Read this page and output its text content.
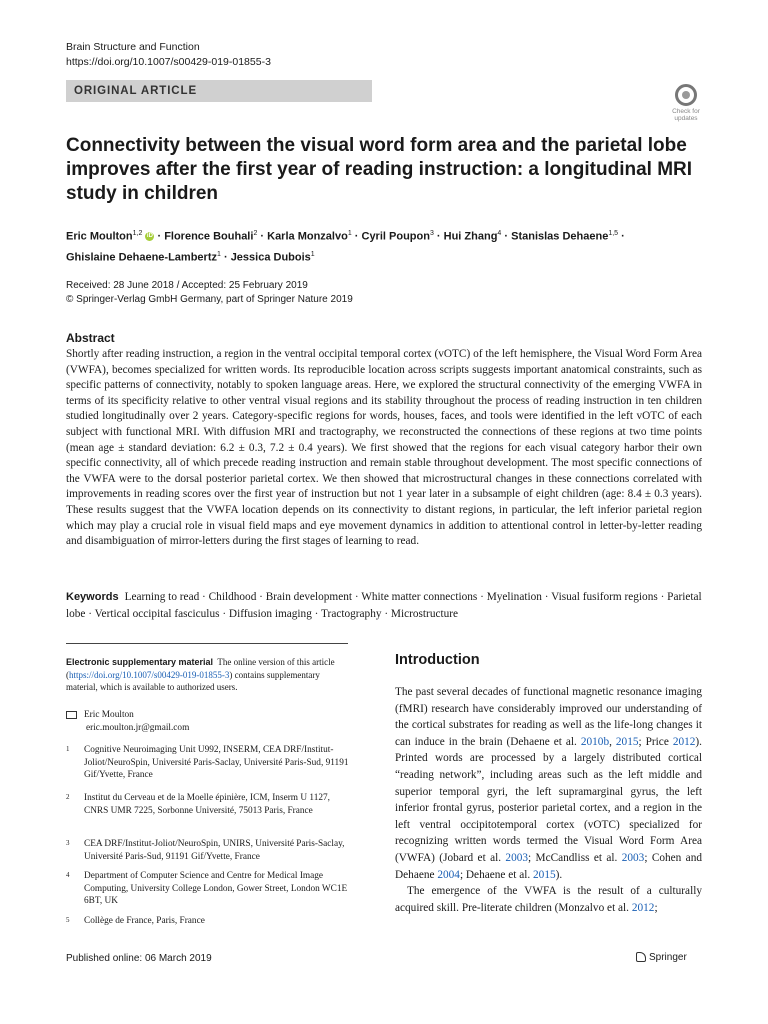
Brain Structure and Function
https://doi.org/10.1007/s00429-019-01855-3
ORIGINAL ARTICLE
Check for
updates
Connectivity between the visual word form area and the parietal lobe improves after the first year of reading instruction: a longitudinal MRI study in children
Eric Moulton$^{1,2}$ iD · Florence Bouhali$^2$ · Karla Monzalvo$^1$ · Cyril Poupon$^3$ · Hui Zhang$^4$ · Stanislas Dehaene$^{1,5}$ ·
Ghislaine Dehaene-Lambertz$^1$ · Jessica Dubois$^1$
Received: 28 June 2018 / Accepted: 25 February 2019
© Springer-Verlag GmbH Germany, part of Springer Nature 2019
Abstract
Shortly after reading instruction, a region in the ventral occipital temporal cortex (vOTC) of the left hemisphere, the Visual Word Form Area (VWFA), becomes specialized for written words. Its reproducible location across scripts suggests important anatomical constraints, such as specific patterns of connectivity, notably to spoken language areas. Here, we explored the structural connectivity of the emerging VWFA in terms of its specificity relative to other ventral visual regions and its stability throughout the process of reading instruction in ten children studied longitudinally over 2 years. Category-specific regions for words, houses, faces, and tools were identified in the left vOTC of each subject with functional MRI. With diffusion MRI and tractography, we reconstructed the connections of these regions at two time points (mean age ± standard deviation: 6.2 ± 0.3, 7.2 ± 0.4 years). We first showed that the regions for each visual category harbor their own specific connectivity, all of which precede reading instruction and remain stable throughout development. The most specific connections of the VWFA were to the dorsal posterior parietal cortex. We then showed that microstructural changes in these connections correlated with improvements in reading scores over the first year of instruction but not 1 year later in a subsample of eight children (age: 8.4 ± 0.3 years). These results suggest that the VWFA location depends on its connectivity to distant regions, in particular, the left inferior parietal region which may play a crucial role in visual field maps and eye movement dynamics in addition to attentional control in letter-by-letter reading and disambiguation of mirror-letters during the first stages of learning to read.
Keywords Learning to read · Childhood · Brain development · White matter connections · Myelination · Visual fusiform regions · Parietal lobe · Vertical occipital fasciculus · Diffusion imaging · Tractography · Microstructure
Electronic supplementary material The online version of this article (https://doi.org/10.1007/s00429-019-01855-3) contains supplementary material, which is available to authorized users.
Eric Moulton
eric.moulton.jr@gmail.com
1	Cognitive Neuroimaging Unit U992, INSERM, CEA DRF/Institut-Joliot/NeuroSpin, Université Paris-Saclay, Université Paris-Sud, 91191 Gif/Yvette, France
2	Institut du Cerveau et de la Moelle épinière, ICM, Inserm U 1127, CNRS UMR 7225, Sorbonne Université, 75013 Paris, France
3	CEA DRF/Institut-Joliot/NeuroSpin, UNIRS, Université Paris-Saclay, Université Paris-Sud, 91191 Gif/Yvette, France
4	Department of Computer Science and Centre for Medical Image Computing, University College London, Gower Street, London WC1E 6BT, UK
5	Collège de France, Paris, France
Introduction

The past several decades of functional magnetic resonance imaging (fMRI) research have considerably improved our understanding of the cortical substrates for reading as well as the life-long changes it can induce in the brain (Dehaene et al. 2010b, 2015; Price 2012). Printed words are processed by a largely distributed cortical “reading network”, including areas such as the left middle and superior temporal gyri, the left supramarginal gyrus, the left inferior frontal gyrus, posterior parietal cortex, and a region in the left ventral occipitotemporal cortex (vOTC) specialized for recognizing written words termed the Visual Word Form Area (VWFA) (Jobard et al. 2003; McCandliss et al. 2003; Cohen and Dehaene 2004; Dehaene et al. 2015).

The emergence of the VWFA is the result of a culturally acquired skill. Pre-literate children (Monzalvo et al. 2012;

Published online: 06 March 2019	Springer
